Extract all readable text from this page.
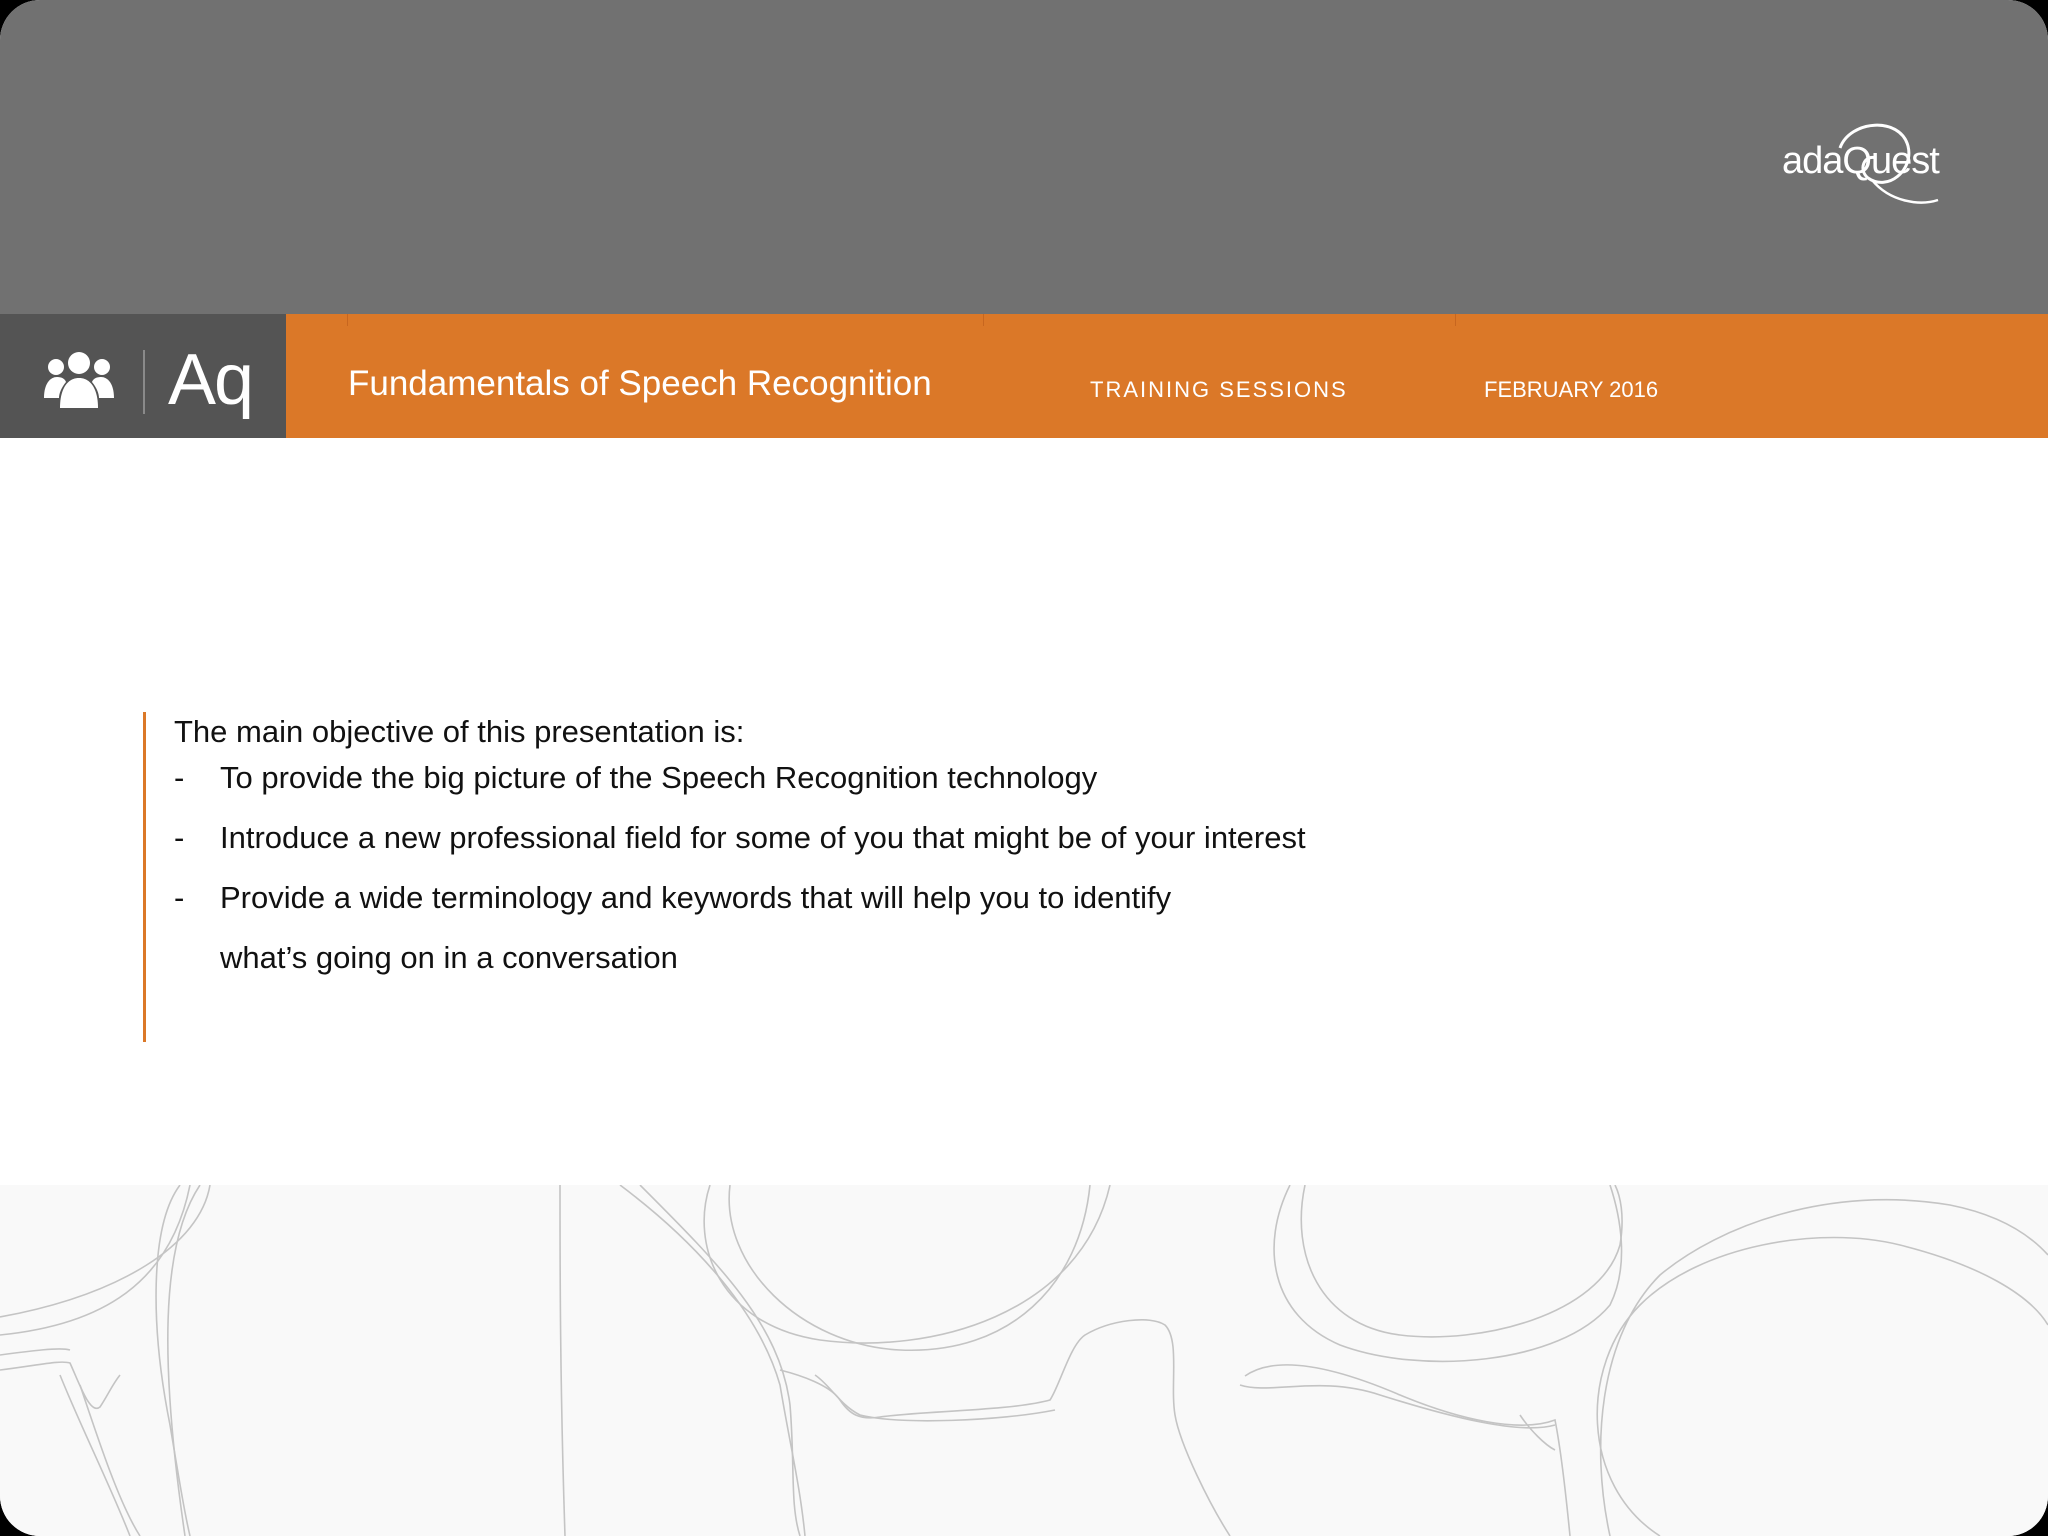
adaQuest
Aq	Fundamentals of Speech Recognition	TRAINING SESSIONS	FEBRUARY 2016
The main objective of this presentation is:
- To provide the big picture of the Speech Recognition technology
- Introduce a new professional field for some of you that might be of your interest
- Provide a wide terminology and keywords that will help you to identify what’s going on in a conversation
